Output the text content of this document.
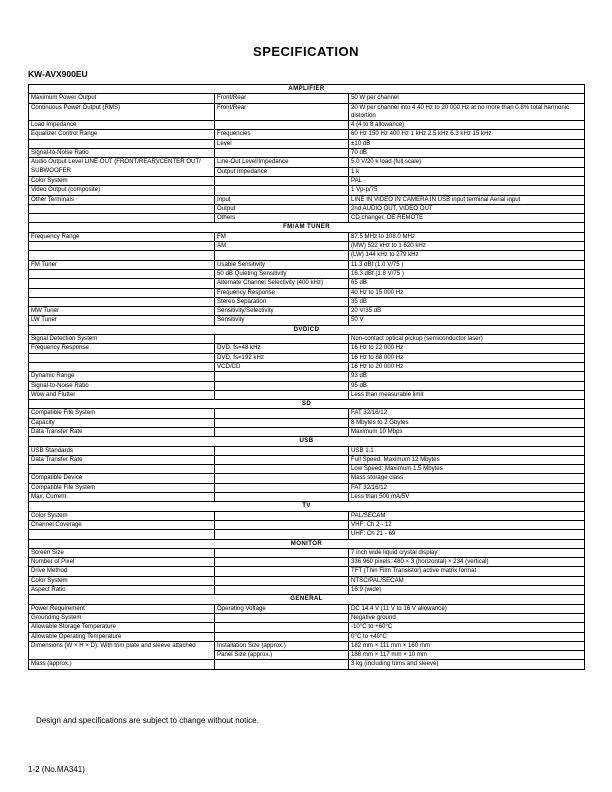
SPECIFICATION
KW-AVX900EU
AMPLIFIER		
Maximum Power Output	Front/Rear	50 W per channel
Continuous Power Output (RMS)	Front/Rear	20 W per channel into 4 40 Hz to 20 000 Hz at no more than 0.8% total harmonic distortion
Load Impedance		4 (4 to 8 allowance)
Equalizer Control Range	Frequencies	60 Hz 150 Hz 400 Hz 1 kHz 2.5 kHz 6.3 kHz 15 kHz
	Level	±10 dB
Signal-to-Noise Ratio		70 dB
Audio Output Level LINE OUT (FRONT/REAR)/CENTER OUT/ SUBWOOFER	Line-Out Level/Impedance	5.0 V/20 k load (full scale)
	Output Impedance	1 k
Color System		PAL
Video Output (composite)		1 Vp-p/75
Other Terminals	Input	LINE IN VIDEO IN CAMERA IN USB input terminal Aerial input
	Output	2nd AUDIO OUT, VIDEO OUT
	Others	CD changer, OE REMOTE
FM/AM TUNER		
Frequency Range	FM	87.5 MHz to 108.0 MHz
	AM	(MW) 522 kHz to 1 620 kHz
		(LW) 144 kHz to 279 kHz
FM Tuner	Usable Sensitivity	11.3 dBf (1.0 V/75 )
	50 dB Quieting Sensitivity	16.3 dBf (1.8 V/75 )
	Alternate Channel Selectivity (400 kHz)	65 dB
	Frequency Response	40 Hz to 15 000 Hz
	Stereo Separation	35 dB
MW Tuner	Sensitivity/Selectivity	20 V/35 dB
LW Tuner	Sensitivity	50 V
DVD/CD		
Signal Detection System		Non-contact optical pickup (semiconductor laser)
Frequency Response	DVD, fs=48 kHz	16 Hz to 22 000 Hz
	DVD, fs=192 kHz	16 Hz to 88 000 Hz
	VCD/CD	16 Hz to 20 000 Hz
Dynamic Range		93 dB
Signal-to-Noise Ratio		95 dB
Wow and Flutter		Less than measurable limit
SD		
Compatible File System		FAT 32/16/12
Capacity		8 Mbytes to 2 Gbytes
Data Transfer Rate		Maximum 10 Mbps
USB		
USB Standards		USB 1.1
Data Transfer Rate		Full Speed: Maximum 12 Mbytes
		Low Speed: Maximum 1.5 Mbytes
Compatible Device		Mass storage class
Compatible File System		FAT 32/16/12
Max. Current		Less than 500 mA/5V
TV		
Color System		PAL/SECAM
Channel Coverage		VHF: Ch 2 - 12
		UHF: Ch 21 - 69
MONITOR		
Screen Size		7 inch wide liquid crystal display
Number of Pixel		336 960 pixels: 480 × 3 (horizontal) × 234 (vertical)
Drive Method		TFT (Thin Film Transistor) active matrix format
Color System		NTSC/PAL/SECAM
Aspect Ratio		16:9 (wide)
GENERAL		
Power Requirement	Operating Voltage	DC 14.4 V (11 V to 16 V allowance)
Grounding System		Negative ground
Allowable Storage Temperature		-10°C to +60°C
Allowable Operating Temperature		0°C to +40°C
Dimensions (W × H × D): With trim plate and sleeve attached	Installation Size (approx.)	182 mm × 111 mm × 160 mm
	Panel Size (approx.)	188 mm × 117 mm × 10 mm
Mass (approx.)		3 kg (including trims and sleeve)
Design and specifications are subject to change without notice.
1-2 (No.MA341)
